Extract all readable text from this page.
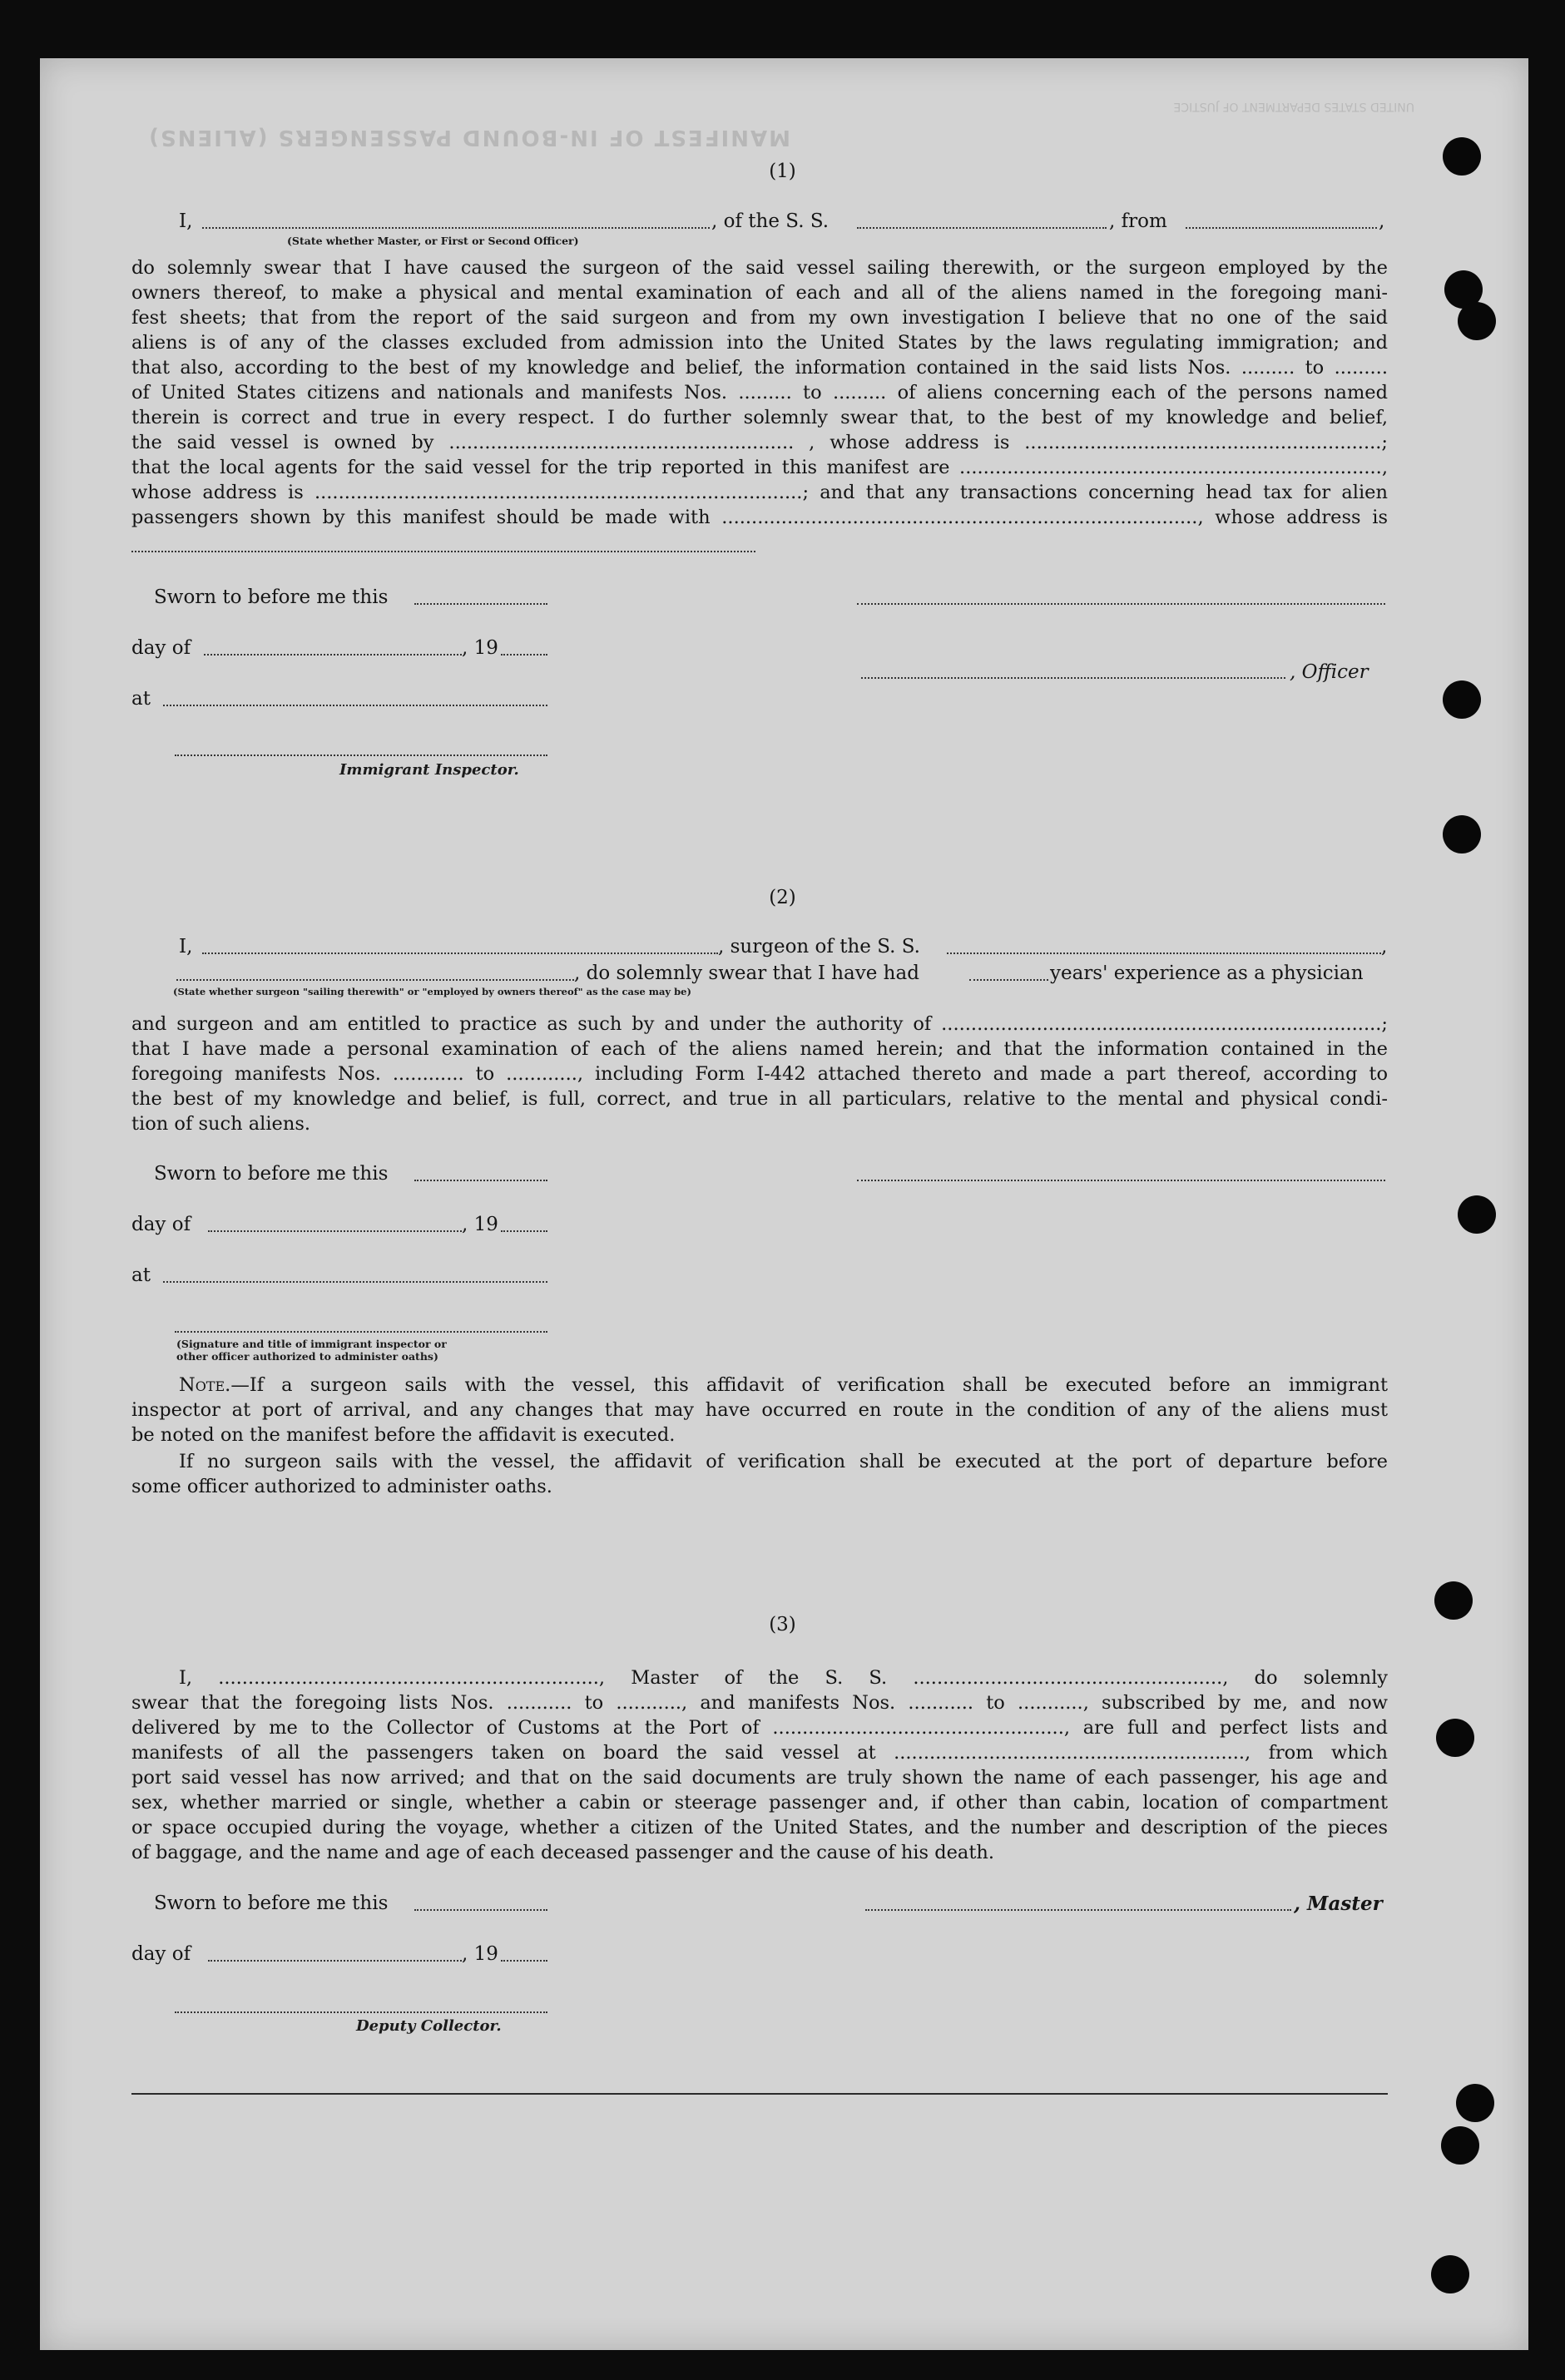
MANIFEST OF IN-BOUND PASSENGERS (ALIENS)
UNITED STATES DEPARTMENT OF JUSTICE
(1)
I,	, of the S. S.	, from	,
(State whether Master, or First or Second Officer)
do solemnly swear that I have caused the surgeon of the said vessel sailing therewith, or the surgeon employed by the
owners thereof, to make a physical and mental examination of each and all of the aliens named in the foregoing mani-
fest sheets; that from the report of the said surgeon and from my own investigation I believe that no one of the said
aliens is of any of the classes excluded from admission into the United States by the laws regulating immigration; and
that also, according to the best of my knowledge and belief, the information contained in the said lists Nos. ......... to .........
of United States citizens and nationals and manifests Nos. ......... to ......... of aliens concerning each of the persons named
therein is correct and true in every respect. I do further solemnly swear that, to the best of my knowledge and belief,
the said vessel is owned by .......................................................... , whose address is ............................................................;
that the local agents for the said vessel for the trip reported in this manifest are .......................................................................,
whose address is ..................................................................................; and that any transactions concerning head tax for alien
passengers shown by this manifest should be made with ................................................................................, whose address is
Sworn to before me this
day of	, 19
, Officer
at
Immigrant Inspector.
(2)
I,	, surgeon of the S. S.	,
, do solemnly swear that I have had	years' experience as a physician
(State whether surgeon "sailing therewith" or "employed by owners thereof" as the case may be)
and surgeon and am entitled to practice as such by and under the authority of ..........................................................................;
that I have made a personal examination of each of the aliens named herein; and that the information contained in the
foregoing manifests Nos. ............ to ............, including Form I-442 attached thereto and made a part thereof, according to
the best of my knowledge and belief, is full, correct, and true in all particulars, relative to the mental and physical condi-
tion of such aliens.
Sworn to before me this
day of	, 19
at
(Signature and title of immigrant inspector or
other officer authorized to administer oaths)
Note.—If a surgeon sails with the vessel, this affidavit of verification shall be executed before an immigrant
inspector at port of arrival, and any changes that may have occurred en route in the condition of any of the aliens must
be noted on the manifest before the affidavit is executed.
If no surgeon sails with the vessel, the affidavit of verification shall be executed at the port of departure before
some officer authorized to administer oaths.
(3)
I, ................................................................, Master of the S. S. ...................................................., do solemnly
swear that the foregoing lists Nos. ........... to ..........., and manifests Nos. ........... to ..........., subscribed by me, and now
delivered by me to the Collector of Customs at the Port of ................................................., are full and perfect lists and
manifests of all the passengers taken on board the said vessel at ..........................................................., from which
port said vessel has now arrived; and that on the said documents are truly shown the name of each passenger, his age and
sex, whether married or single, whether a cabin or steerage passenger and, if other than cabin, location of compartment
or space occupied during the voyage, whether a citizen of the United States, and the number and description of the pieces
of baggage, and the name and age of each deceased passenger and the cause of his death.
Sworn to before me this	, Master
day of	, 19
Deputy Collector.
